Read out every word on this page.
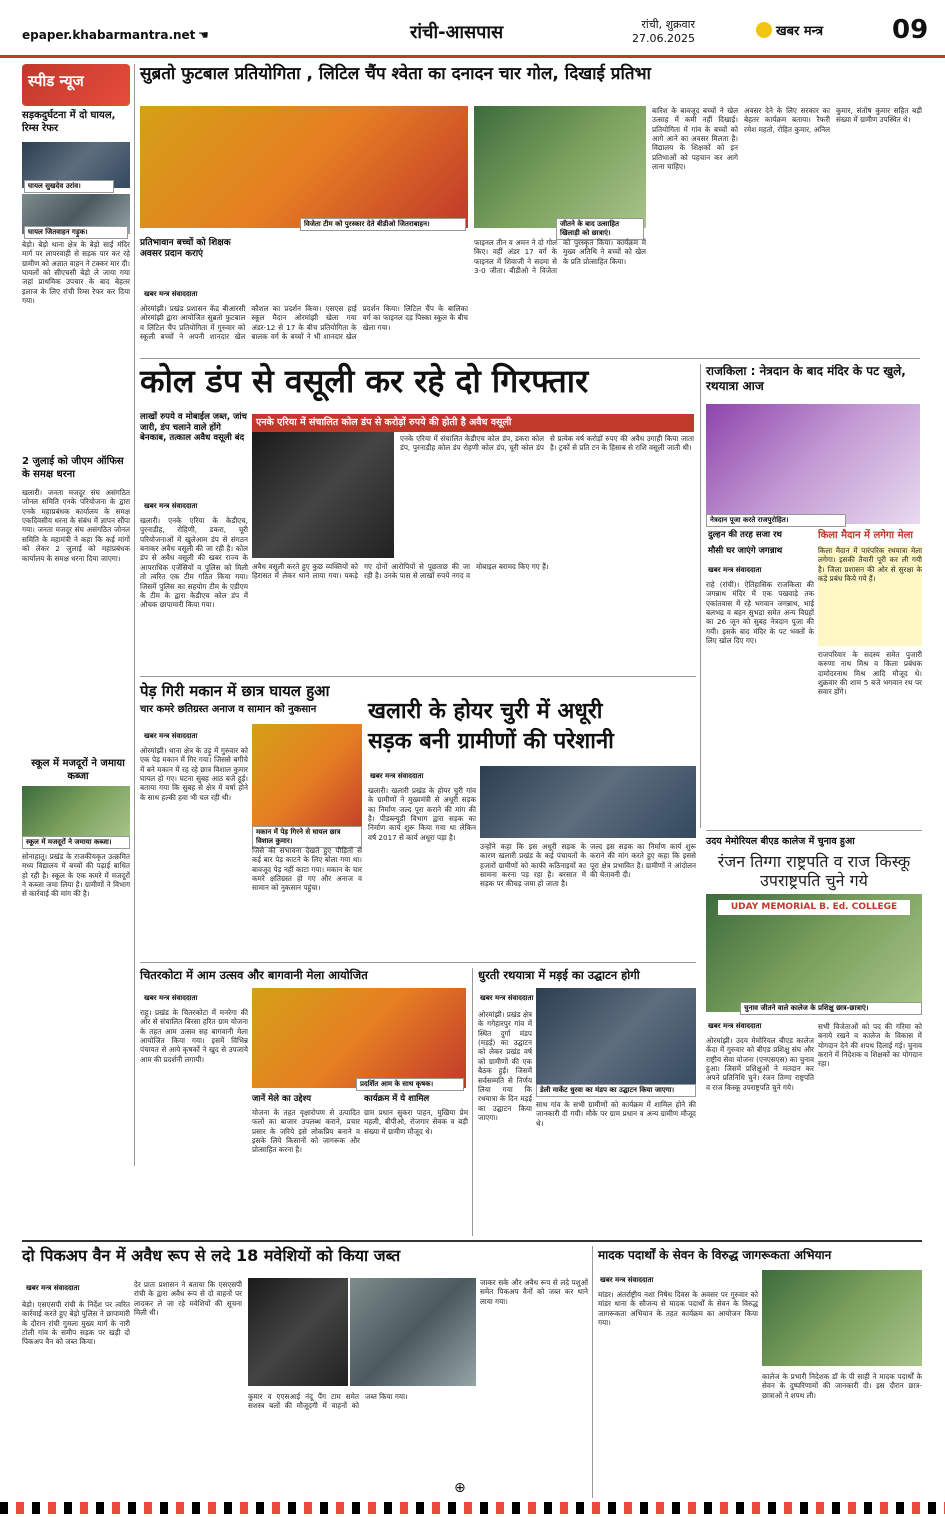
epaper.khabarmantra.net ☚	रांची-आसपास	रांची, शुक्रवार
27.06.2025	खबर मन्त्र	09
स्पीड न्यूज
सड़कदुर्घटना में दो घायल, रिम्स रेफर
घायल सुखदेव उरांव।
घायल जितवाहन गड़ुक।
बेड़ो। बेड़ो थाना क्षेत्र के बेड़ो साईं मंदिर मार्ग पर लापरवाही से सड़क पार कर रहे ग्रामीण को अज्ञात वाहन ने टक्कर मार दी। घायलों को सीएचसी बेड़ो ले जाया गया जहां प्राथमिक उपचार के बाद बेहतर इलाज के लिए रांची रिम्स रेफर कर दिया गया।
2 जुलाई को जीएम ऑफिस के समक्ष धरना
खलारी। जनता मजदूर संघ असंगठित जोनल समिति एनके परियोजना के द्वारा एनके महाप्रबंधक कार्यालय के समक्ष एकदिवसीय धरना के संबंध में ज्ञापन सौंपा गया। जनता मजदूर संघ असंगठित जोनल समिति के महामंत्री ने कहा कि कई मांगों को लेकर 2 जुलाई को महाप्रबंधक कार्यालय के समक्ष धरना दिया जाएगा।
स्कूल में मजदूरों ने जमाया कब्जा
स्कूल में मजदूरों ने जमाया कब्जा।
सोनाहातू। प्रखंड के राजकीयकृत उत्क्रमित मध्य विद्यालय में बच्चों की पढ़ाई बाधित हो रही है। स्कूल के एक कमरे में मजदूरों ने कब्जा जमा लिया है। ग्रामीणों ने विभाग से कार्रवाई की मांग की है।
सुब्रतो फुटबाल प्रतियोगिता , लिटिल चैंप श्वेता का दनादन चार गोल, दिखाई प्रतिभा
विजेता टीम को पुरस्कार देते बीडीओ जितराबाहन।	जीतने के बाद उत्साहित खिलाड़ी को छात्राएं।
प्रतिभावान बच्चों को शिक्षक अवसर प्रदान कराएं
खबर मन्त्र संवाददाता
ओरमांझी। प्रखंड प्रशासन केंद्र बीआरसी ओरमांझी द्वारा आयोजित सुब्रतो फुटबाल व लिटिल चैंप प्रतियोगिता में गुरुवार को स्कूली बच्चों ने अपनी शानदार खेल कौशल का प्रदर्शन किया। एसएस हाई स्कूल मैदान ओरमांझी खेला गया अंडर-12 से 17 के बीच प्रतियोगिता के बालक वर्ग के बच्चों ने भी शानदार खेल प्रदर्शन किया। लिटिल चैंप के बालिका वर्ग का फाइनल दड़ पिस्का स्कूल के बीच खेला गया।
फाइनल तीन व अमन ने दो गोल किए। वहीं अंडर 17 वर्ग के फाइनल में शिवाजी ने सदमा से 3-0 जीता। बीडीओ ने विजेता को पुरस्कृत किया। कार्यक्रम में मुख्य अतिथि ने बच्चों को खेल के प्रति प्रोत्साहित किया।
बारिश के बावजूद बच्चों ने खेल उत्साह में कमी नहीं दिखाई। प्रतियोगिता में गांव के बच्चों को आगे आने का अवसर मिलता है। विद्यालय के शिक्षकों को इन प्रतिभाओं को पहचान कर आगे लाना चाहिए।
अवसर देने के लिए सरकार का बेहतर कार्यक्रम बताया। रैफरी रमेश महतो, रोहित कुमार, अनिल कुमार, संतोष कुमार सहित बड़ी संख्या में ग्रामीण उपस्थित थे।
कोल डंप से वसूली कर रहे दो गिरफ्तार
लाखों रुपये व मोबाईल जब्त, जांच जारी, डंप चलाने वाले होंगे बेनकाब, तत्काल अवैध वसूली बंद
एनके एरिया में संचालित कोल डंप से करोड़ों रुपये की होती है अवैध वसूली
एनके एरिया में संचालित केडीएच कोल डंप, डकरा कोल डंप, पुरनाडीह कोल डंप रोहणी कोल डंप, चूरी कोल डंप से प्रत्येक वर्ष करोड़ों रुपए की अवैध उगाही किया जाता है। ट्रकों से प्रति टन के हिसाब से राशि वसूली जाती थी।
खबर मन्त्र संवाददाता
खलारी। एनके एरिया के केडीएच, पुरनाडीह, रोहिणी, डकरा, चूरी परियोजनाओं में खुलेआम डंप से संगठन बनाकर अवैध वसूली की जा रही है। कोल डंप से अवैध वसूली की खबर राज्य के आपराधिक एजेंसियों व पुलिस को मिली तो त्वरित एक टीम गठित किया गया। जिसमें पुलिस का सहयोग टीम के एडीएम के टीम के द्वारा केडीएच कोल डंप में औचक छापामारी किया गया।
अवैध वसूली करते हुए कुछ व्यक्तियों को हिरासत में लेकर थाने लाया गया। पकड़े गए दोनों आरोपियों से पूछताछ की जा रही है। उनके पास से लाखों रुपये नगद व मोबाइल बरामद किए गए हैं।
राजकिला : नेत्रदान के बाद मंदिर के पट खुले, रथयात्रा आज
नेत्रदान पूजा करते राजपुरोहित।
दुल्हन की तरह सजा रथ
मौसी घर जाएंगे जगन्नाथ
खबर मन्त्र संवाददाता
राहे (रांची)। ऐतिहासिक राजकिला की जगन्नाथ मंदिर में एक पखवाड़े तक एकांतवास में रहे भगवान जगन्नाथ, भाई बलभद्र व बहन सुभद्रा समेत अन्य विग्रहों का 26 जून को सुबह नेत्रदान पूजा की गयी। इसके बाद मंदिर के पट भक्तों के लिए खोल दिए गए।
किला मैदान में लगेगा मेला
किला मैदान में पारंपरिक रथयात्रा मेला लगेगा। इसकी तैयारी पूरी कर ली गयी है। जिला प्रशासन की ओर से सुरक्षा के कड़े प्रबंध किये गये हैं।
राजपरिवार के सदस्य समेत पुजारी करुणा नाथ मिश्र व किला प्रबंधक दामोदरनाथ मिश्र आदि मौजूद थे। शुक्रवार की शाम 5 बजे भगवान रथ पर सवार होंगे।
पेड़ गिरी मकान में छात्र घायल हुआ
चार कमरे छतिग्रस्त अनाज व सामान को नुकसान
मकान में पेड़ गिरने से घायल छात्र विशाल कुमार।
खबर मन्त्र संवाददाता
ओरमांझी। थाना क्षेत्र के उड़ू में गुरुवार को एक पेड़ मकान में गिर गया। जिससे बगीचे में बने मकान में रह रहे छात्र विशाल कुमार घायल हो गए। घटना सुबह आठ बजे हुई। बताया गया कि सुबह से क्षेत्र में वर्षा होने के साथ हल्की हवा भी चल रही थी।
जिसे की संभावना देखते हुए पीड़ितों से कई बार पेड़ काटने के लिए बोला गया था। बावजूद पेड़ नहीं काटा गया। मकान के चार कमरे क्षतिग्रस्त हो गए और अनाज व सामान को नुकसान पहुंचा।
खलारी के होयर चुरी में अधूरी
सड़क बनी ग्रामीणों की परेशानी
खबर मन्त्र संवाददाता
खलारी। खलारी प्रखंड के होयर चुरी गांव के ग्रामीणों ने मुख्यमंत्री से अधूरी सड़क का निर्माण जल्द पूरा कराने की मांग की है। पीडब्ल्यूडी विभाग द्वारा सड़क का निर्माण कार्य शुरू किया गया था लेकिन वर्ष 2017 से कार्य अधूरा पड़ा है।
उन्होंने कहा कि इस अधूरी सड़क के कारण खलारी प्रखंड के कई पंचायतों के हजारों ग्रामीणों को काफी कठिनाइयों का सामना करना पड़ रहा है। बरसात में सड़क पर कीचड़ जमा हो जाता है।
जल्द इस सड़क का निर्माण कार्य शुरू कराने की मांग करते हुए कहा कि इससे पूरा क्षेत्र प्रभावित है। ग्रामीणों ने आंदोलन की चेतावनी दी।
उदय मेमोरियल बीएड कालेज में चुनाव हुआ
रंजन तिग्गा राष्ट्रपति व राज किस्कू उपराष्ट्रपति चुने गये
UDAY MEMORIAL B. Ed. COLLEGE
चुनाव जीतने वाले कालेज के प्रशिक्षु छात्र-छात्राएं।
खबर मन्त्र संवाददाता
ओरमांझी। उदय मेमोरियल बीएड कालेज केंदा में गुरुवार को बीएड प्रशिक्षु संघ और राष्ट्रीय सेवा योजना (एनएसएस) का चुनाव हुआ। जिसमें प्रशिक्षुओं ने मतदान कर अपने प्रतिनिधि चुने। रंजन तिग्गा राष्ट्रपति व राज किस्कू उपराष्ट्रपति चुने गये।
सभी विजेताओं को पद की गरिमा को बनाये रखने व कालेज के विकास में योगदान देने की शपथ दिलाई गई। चुनाव कराने में निदेशक व शिक्षकों का योगदान रहा।
चितरकोटा में आम उत्सव और बागवानी मेला आयोजित
प्रदर्शित आम के साथ कृषक।
खबर मन्त्र संवाददाता
राहू। प्रखंड के चितरकोटा में मनरेगा की ओर से संचालित बिरसा हरित ग्राम योजना के तहत आम उत्सव सह बागवानी मेला आयोजित किया गया। इसमें विभिन्न पंचायत से आये कृषकों ने खुद से उपजाये आम की प्रदर्शनी लगायी।
जानें मेले का उद्देश्य	कार्यक्रम में ये शामिल
योजना के तहत वृक्षारोपण से उत्पादित फलों का बाजार उपलब्ध कराने, प्रचार प्रसार के जरिये इसे लोकप्रिय बनाने व इसके लिये किसानों को जागरूक और प्रोत्साहित करना है।
ग्राम प्रधान सुकरा पाहन, मुखिया प्रेम महली, बीपीओ, रोजगार सेवक व बड़ी संख्या में ग्रामीण मौजूद थे।
धुरती रथयात्रा में मड़ई का उद्घाटन होगी
खबर मन्त्र संवाददाता
डेली मार्केट धुरवा का मंडप का उद्घाटन किया जाएगा।
ओरमांझी। प्रखंड क्षेत्र के गगेहारपुर गांव में स्थित दुर्गा मंडप (मड़ई) का उद्घाटन को लेकर प्रखंड वर्ष को ग्रामीणों की एक बैठक हुई। जिसमें सर्वसम्मति से निर्णय लिया गया कि रथयात्रा के दिन मड़ई का उद्घाटन किया जाएगा।
साथ गांव के सभी ग्रामीणों को कार्यक्रम में शामिल होने की जानकारी दी गयी। मौके पर ग्राम प्रधान व अन्य ग्रामीण मौजूद थे।
दो पिकअप वैन में अवैध रूप से लदे 18 मवेशियों को किया जब्त
खबर मन्त्र संवाददाता
बेड़ो। एसएसपी रांची के निर्देश पर त्वरित कार्रवाई करते हुए बेड़ो पुलिस ने छापामारी के दौरान रांची गुमला मुख्य मार्ग के नारी टोली गांव के समीप सड़क पर खड़ी दो पिकअप वैन को जब्त किया।
देर प्रातः प्रशासन ने बताया कि एसएसपी रांची के द्वारा अवैध रूप से दो वाहनों पर लादकर ले जा रहे मवेशियों की सूचना मिली थी।
कुमार व एएसआई नंदू पैंग टाम समेत सशस्त्र बलों की मौजूदगी में वाहनों को जब्त किया गया।
जाकर सके और अवैध रूप से लदे पशुओं समेत पिकअप वैनों को जब्त कर थाने लाया गया।
मादक पदार्थों के सेवन के विरुद्ध जागरूकता अभियान
खबर मन्त्र संवाददाता
मांडर। अंतर्राष्ट्रीय नशा निषेध दिवस के अवसर पर गुरुवार को मांडर थाना के सौजन्य से मादक पदार्थों के सेवन के विरुद्ध जागरूकता अभियान के तहत कार्यक्रम का आयोजन किया गया।
कालेज के प्रभारी निदेशक डॉ के पी साही ने मादक पदार्थों के सेवन के दुष्परिणामों की जानकारी दी। इस दौरान छात्र-छात्राओं ने शपथ ली।
⊕
